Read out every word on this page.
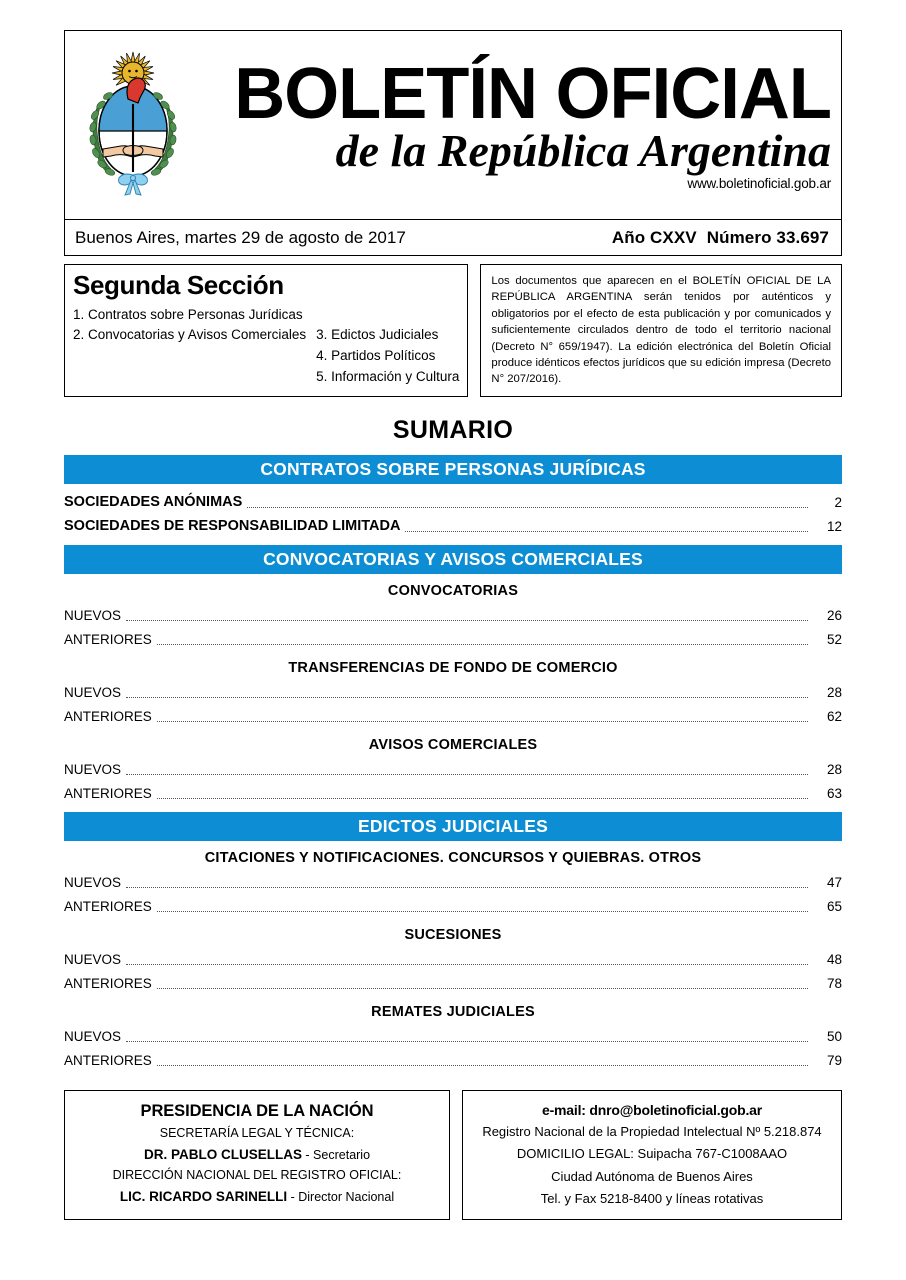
BOLETÍN OFICIAL
de la República Argentina
www.boletinoficial.gob.ar
Buenos Aires, martes 29 de agosto de 2017	Año CXXV Número 33.697
Segunda Sección
1. Contratos sobre Personas Jurídicas
2. Convocatorias y Avisos Comerciales 3. Edictos Judiciales
4. Partidos Políticos
5. Información y Cultura
Los documentos que aparecen en el BOLETÍN OFICIAL DE LA REPÚBLICA ARGENTINA serán tenidos por auténticos y obligatorios por el efecto de esta publicación y por comunicados y suficientemente circulados dentro de todo el territorio nacional (Decreto N° 659/1947). La edición electrónica del Boletín Oficial produce idénticos efectos jurídicos que su edición impresa (Decreto N° 207/2016).
SUMARIO
CONTRATOS SOBRE PERSONAS JURÍDICAS
SOCIEDADES ANÓNIMAS	2
SOCIEDADES DE RESPONSABILIDAD LIMITADA	12
CONVOCATORIAS Y AVISOS COMERCIALES
CONVOCATORIAS
NUEVOS	26
ANTERIORES	52
TRANSFERENCIAS DE FONDO DE COMERCIO
NUEVOS	28
ANTERIORES	62
AVISOS COMERCIALES
NUEVOS	28
ANTERIORES	63
EDICTOS JUDICIALES
CITACIONES Y NOTIFICACIONES. CONCURSOS Y QUIEBRAS. OTROS
NUEVOS	47
ANTERIORES	65
SUCESIONES
NUEVOS	48
ANTERIORES	78
REMATES JUDICIALES
NUEVOS	50
ANTERIORES	79
PRESIDENCIA DE LA NACIÓN
SECRETARÍA LEGAL Y TÉCNICA:
DR. PABLO CLUSELLAS - Secretario
DIRECCIÓN NACIONAL DEL REGISTRO OFICIAL:
LIC. RICARDO SARINELLI - Director Nacional
e-mail: dnro@boletinoficial.gob.ar
Registro Nacional de la Propiedad Intelectual Nº 5.218.874
DOMICILIO LEGAL: Suipacha 767-C1008AAO
Ciudad Autónoma de Buenos Aires
Tel. y Fax 5218-8400 y líneas rotativas
